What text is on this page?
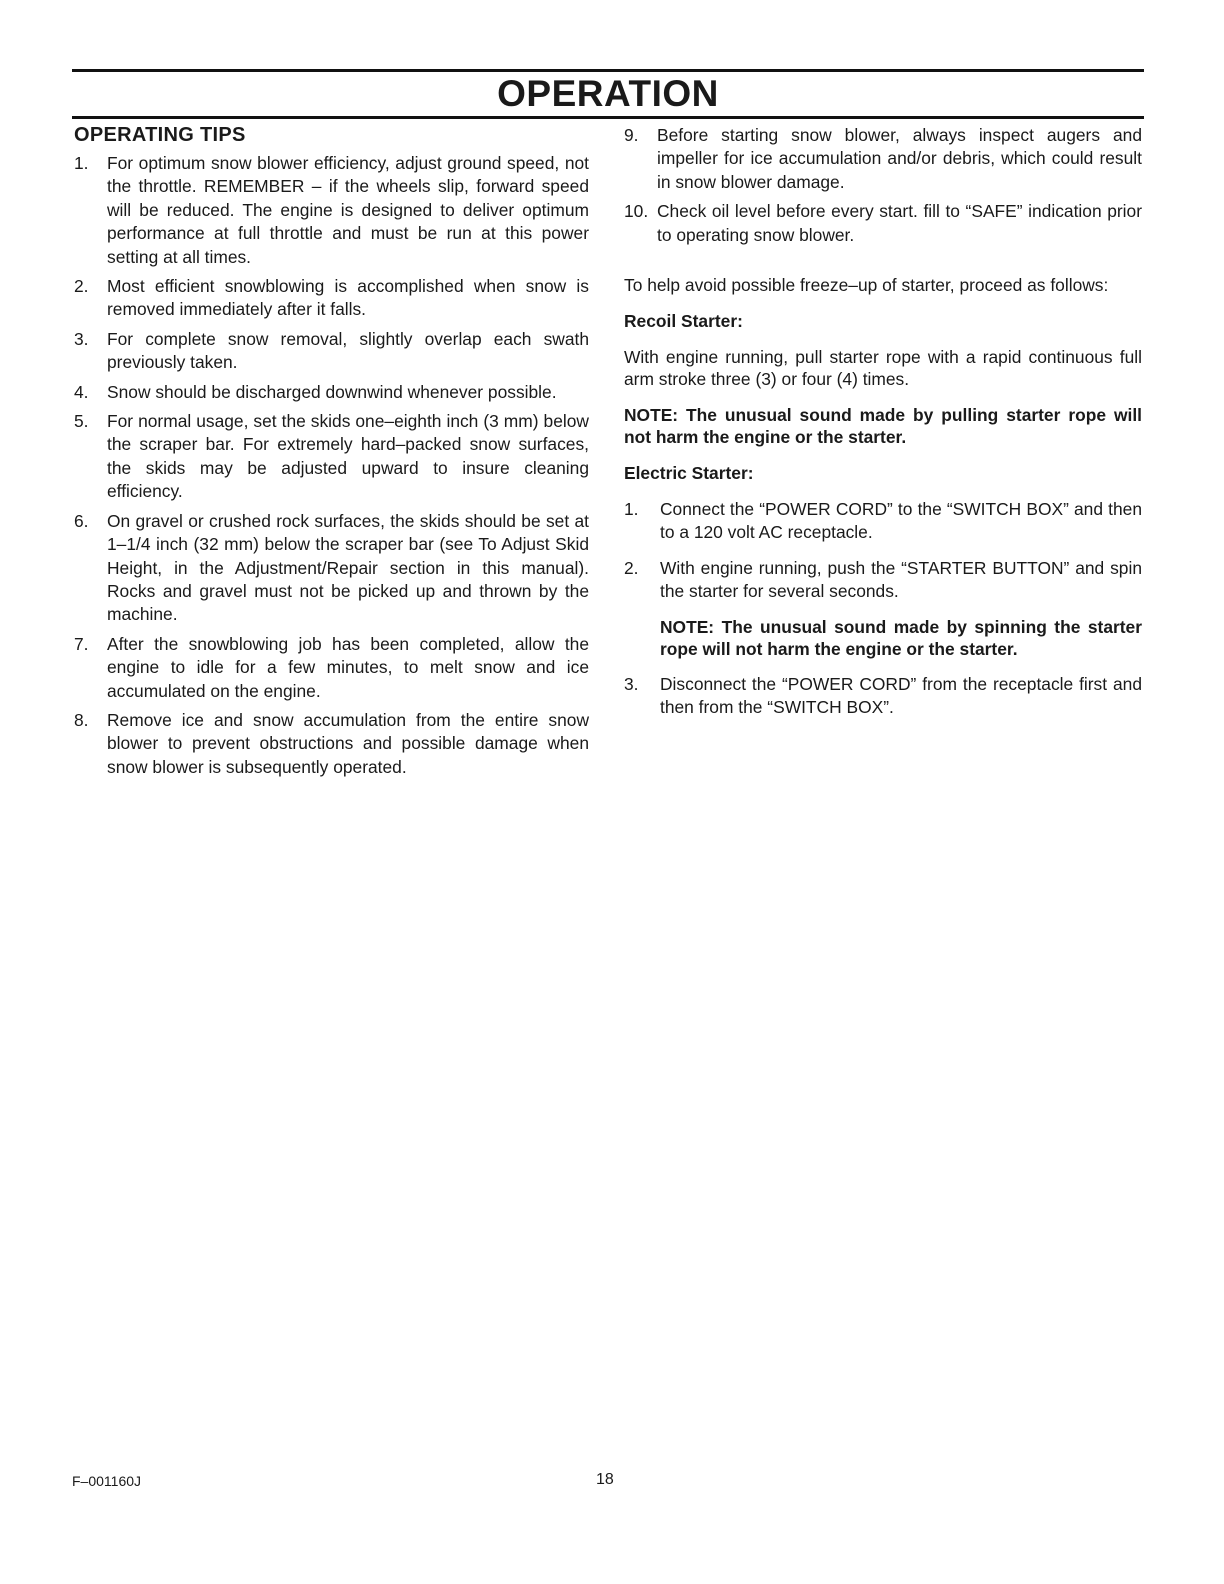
OPERATION
OPERATING TIPS
1.	For optimum snow blower efficiency, adjust ground speed, not the throttle. REMEMBER – if the wheels slip, forward speed will be reduced. The engine is designed to deliver optimum performance at full throttle and must be run at this power setting at all times.
2.	Most efficient snowblowing is accomplished when snow is removed immediately after it falls.
3.	For complete snow removal, slightly overlap each swath previously taken.
4.	Snow should be discharged downwind whenever possible.
5.	For normal usage, set the skids one–eighth inch (3 mm) below the scraper bar. For extremely hard–packed snow surfaces, the skids may be adjusted upward to insure cleaning efficiency.
6.	On gravel or crushed rock surfaces, the skids should be set at 1–1/4 inch (32 mm) below the scraper bar (see To Adjust Skid Height, in the Adjustment/Repair section in this manual). Rocks and gravel must not be picked up and thrown by the machine.
7.	After the snowblowing job has been completed, allow the engine to idle for a few minutes, to melt snow and ice accumulated on the engine.
8.	Remove ice and snow accumulation from the entire snow blower to prevent obstructions and possible damage when snow blower is subsequently operated.
9.	Before starting snow blower, always inspect augers and impeller for ice accumulation and/or debris, which could result in snow blower damage.
10. Check oil level before every start. fill to “SAFE” indication prior to operating snow blower.

To help avoid possible freeze–up of starter, proceed as follows:

Recoil Starter:

With engine running, pull starter rope with a rapid continuous full arm stroke three (3) or four (4) times.

NOTE: The unusual sound made by pulling starter rope will not harm the engine or the starter.

Electric Starter:

1.	Connect the “POWER CORD” to the “SWITCH BOX” and then to a 120 volt AC receptacle.
2.	With engine running, push the “STARTER BUTTON” and spin the starter for several seconds.

NOTE: The unusual sound made by spinning the starter rope will not harm the engine or the starter.

3.	Disconnect the “POWER CORD” from the receptacle first and then from the “SWITCH BOX”.
F–001160J	18
